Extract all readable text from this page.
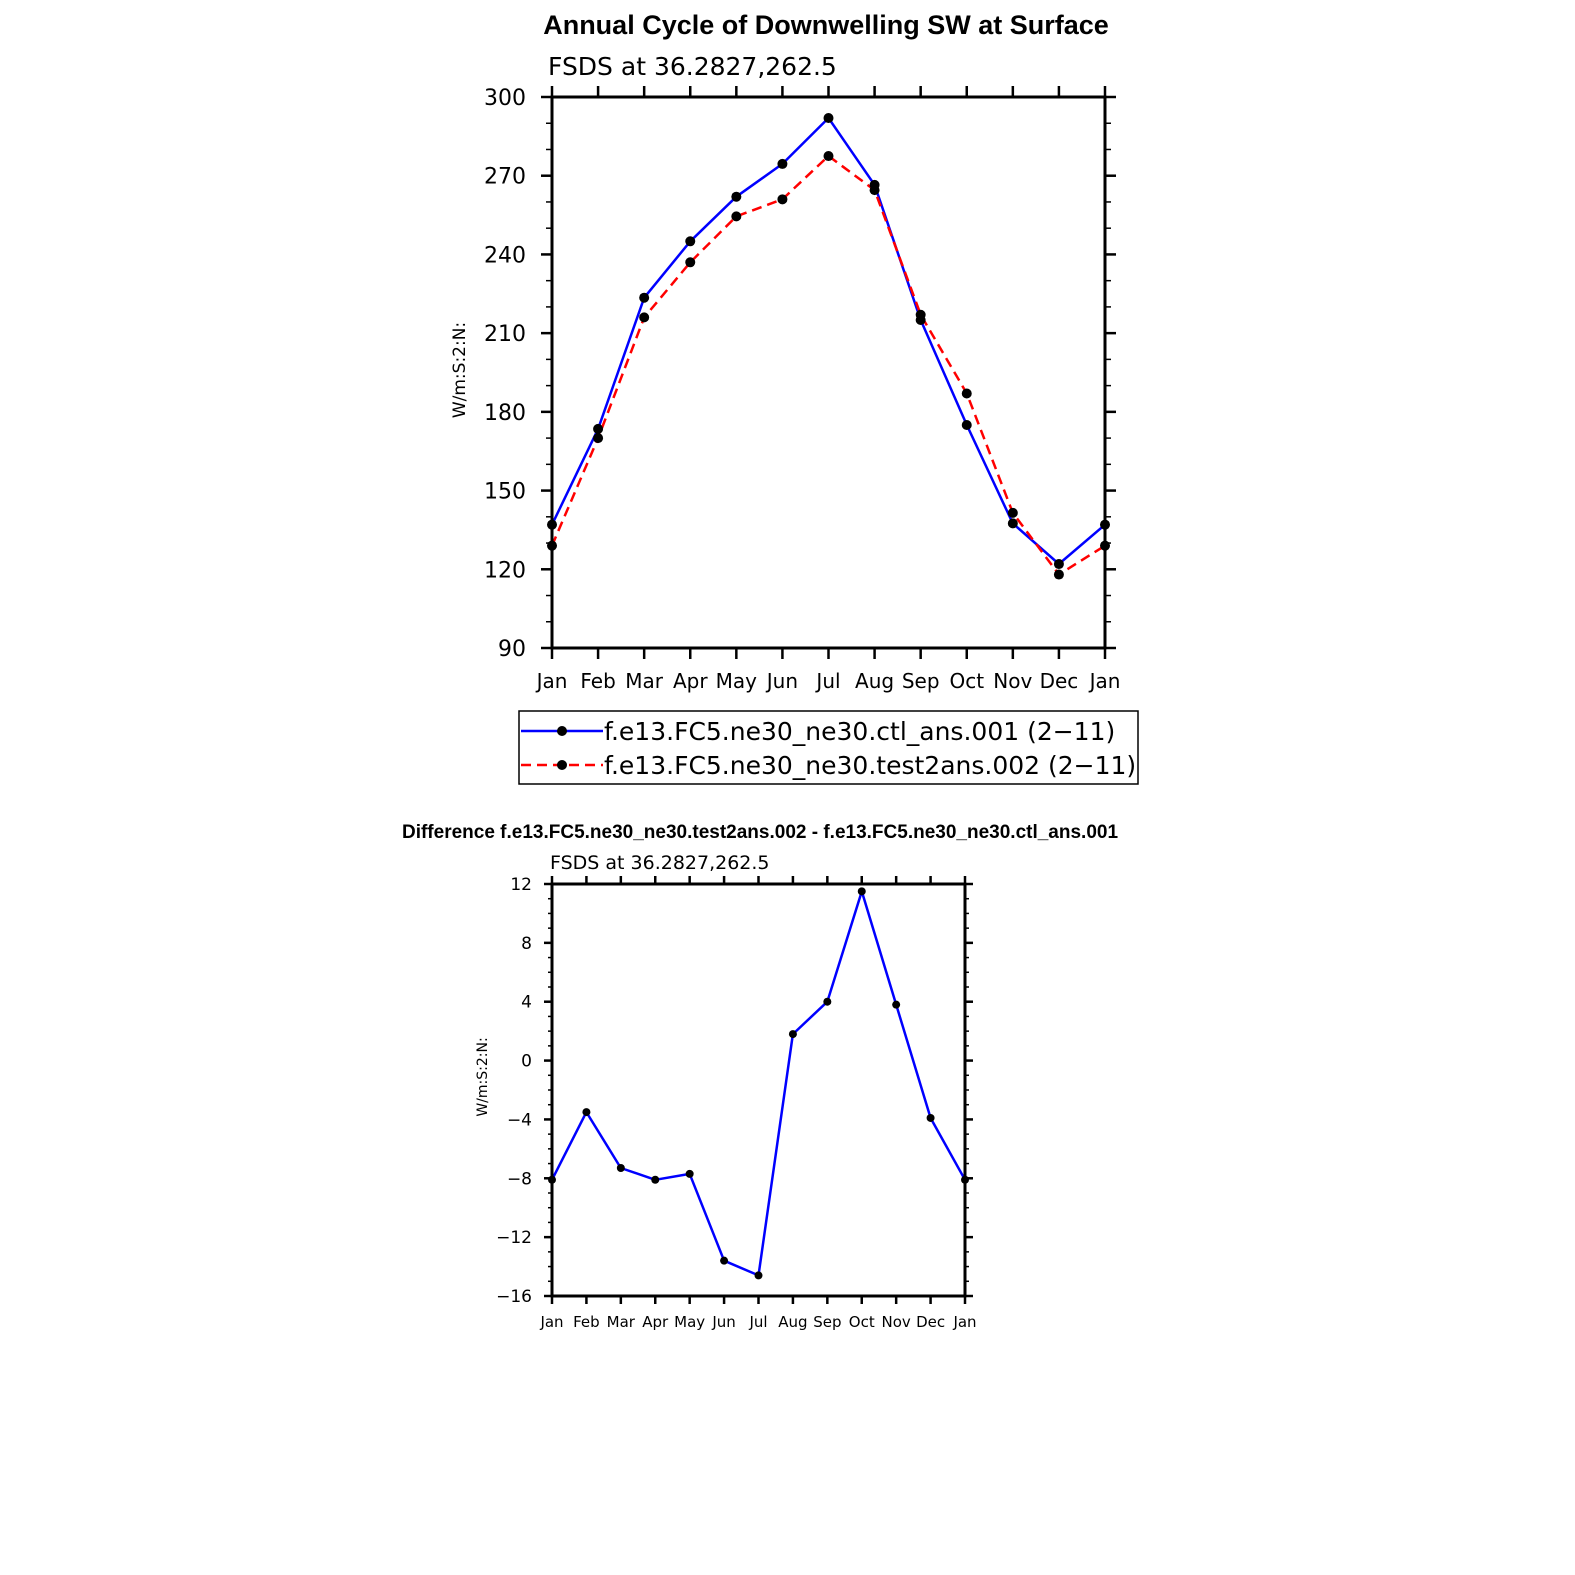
Annual Cycle of Downwelling SW at Surface
FSDS at 36.2827,262.5
W/m:S:2:N:
90
120
150
180
210
240
270
300
Jan Feb Mar Apr May Jun Jul Aug Sep Oct Nov Dec Jan
f.e13.FC5.ne30_ne30.ctl_ans.001 (2−11)
f.e13.FC5.ne30_ne30.test2ans.002 (2−11)
Difference f.e13.FC5.ne30_ne30.test2ans.002 - f.e13.FC5.ne30_ne30.ctl_ans.001
FSDS at 36.2827,262.5
W/m:S:2:N:
−16
−12
−8
−4
0
4
8
12
Jan Feb Mar Apr May Jun Jul Aug Sep Oct Nov Dec Jan
